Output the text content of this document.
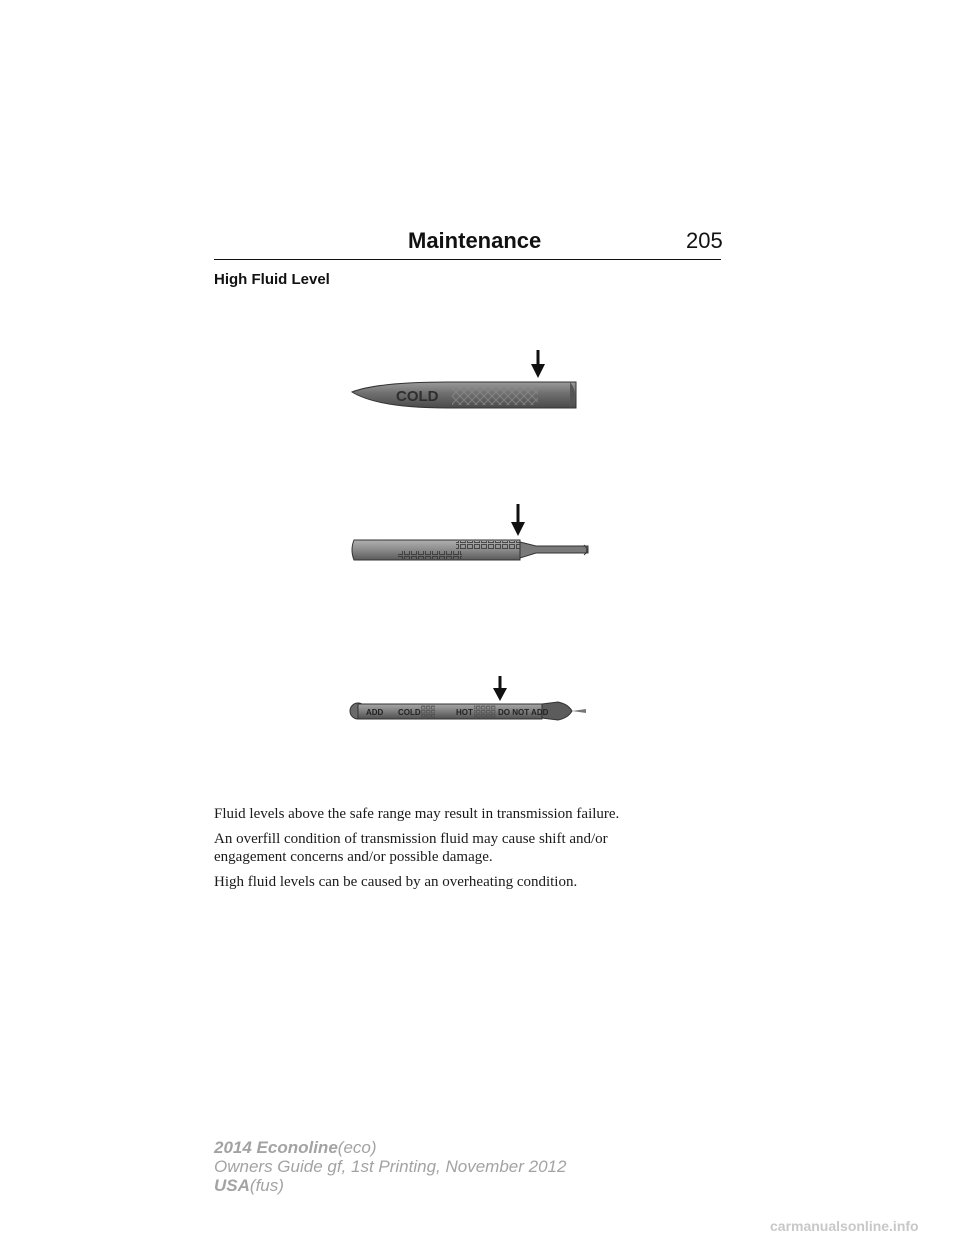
Maintenance	205
High Fluid Level
COLD
ADD COLD	HOT	DO NOT ADD

Fluid levels above the safe range may result in transmission failure.

An overfill condition of transmission fluid may cause shift and/or

engagement concerns and/or possible damage.

High fluid levels can be caused by an overheating condition.

2014 Econoline(eco)
Owners Guide gf, 1st Printing, November 2012
USA(fus)
carmanualsonline.info
